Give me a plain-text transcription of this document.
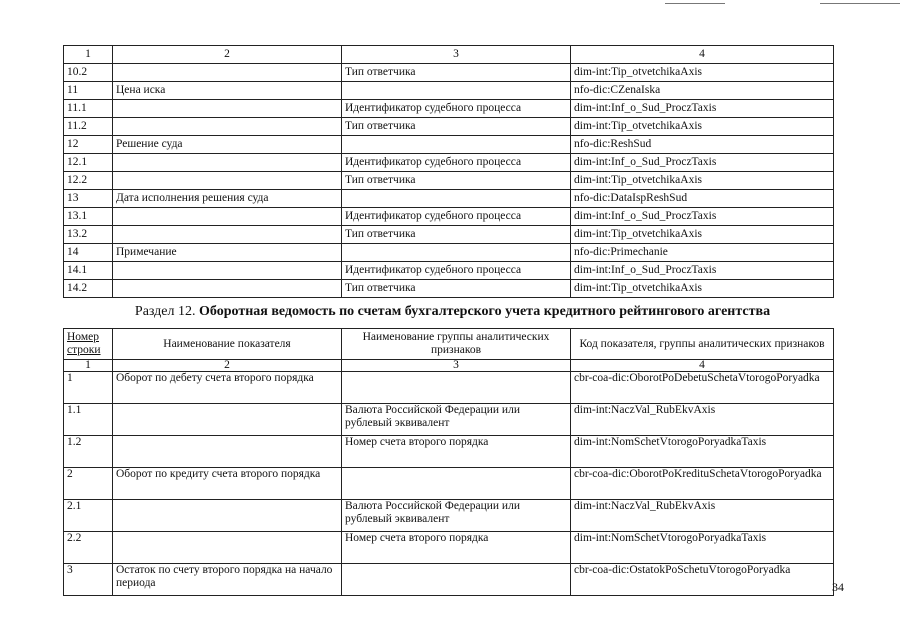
1	2	3	4
10.2		Тип ответчика	dim-int:Tip_otvetchikaAxis
11	Цена иска		nfo-dic:CZenaIska
11.1		Идентификатор судебного процесса	dim-int:Inf_o_Sud_ProczTaxis
11.2		Тип ответчика	dim-int:Tip_otvetchikaAxis
12	Решение суда		nfo-dic:ReshSud
12.1		Идентификатор судебного процесса	dim-int:Inf_o_Sud_ProczTaxis
12.2		Тип ответчика	dim-int:Tip_otvetchikaAxis
13	Дата исполнения решения суда		nfo-dic:DataIspReshSud
13.1		Идентификатор судебного процесса	dim-int:Inf_o_Sud_ProczTaxis
13.2		Тип ответчика	dim-int:Tip_otvetchikaAxis
14	Примечание		nfo-dic:Primechanie
14.1		Идентификатор судебного процесса	dim-int:Inf_o_Sud_ProczTaxis
14.2		Тип ответчика	dim-int:Tip_otvetchikaAxis
Раздел 12. Оборотная ведомость по счетам бухгалтерского учета кредитного рейтингового агентства
Номер строки	Наименование показателя	Наименование группы аналитических признаков	Код показателя, группы аналитических признаков
1	2	3	4
1	Оборот по дебету счета второго порядка		cbr-coa-dic:OborotPoDebetuSchetaVtorogoPoryadka
1.1		Валюта Российской Федерации или рублевый эквивалент	dim-int:NaczVal_RubEkvAxis
1.2		Номер счета второго порядка	dim-int:NomSchetVtorogoPoryadkaTaxis
2	Оборот по кредиту счета второго порядка		cbr-coa-dic:OborotPoKredituSchetaVtorogoPoryadka
2.1		Валюта Российской Федерации или рублевый эквивалент	dim-int:NaczVal_RubEkvAxis
2.2		Номер счета второго порядка	dim-int:NomSchetVtorogoPoryadkaTaxis
3	Остаток по счету второго порядка на начало периода		cbr-coa-dic:OstatokPoSchetuVtorogoPoryadka
34
